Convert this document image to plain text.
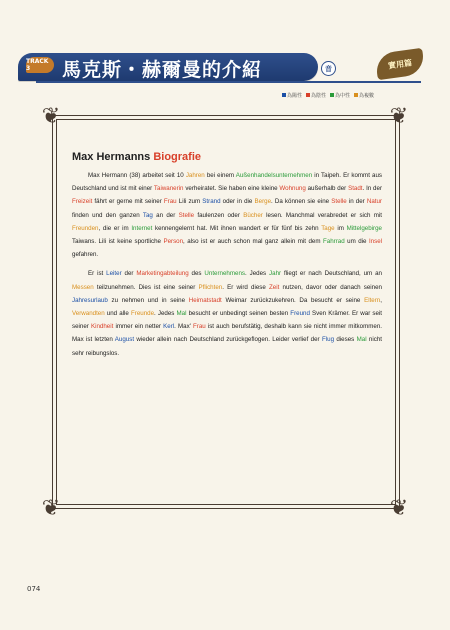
TRACK 3	馬克斯・赫爾曼的介紹	音	實用篇
為陽性 為陰性 為中性 為複數
❦	❦
❦	❦
Max Hermanns Biografie

Max Hermann (38) arbeitet seit 10 Jahren bei einem Außenhandelsunternehmen in Taipeh. Er kommt aus Deutschland und ist mit einer Taiwanerin verheiratet. Sie haben eine kleine Wohnung außerhalb der Stadt. In der Freizeit fährt er gerne mit seiner Frau Lili zum Strand oder in die Berge. Da können sie eine Stelle in der Natur finden und den ganzen Tag an der Stelle faulenzen oder Bücher lesen. Manchmal verabredet er sich mit Freunden, die er im Internet kennengelernt hat. Mit ihnen wandert er für fünf bis zehn Tage im Mittelgebirge Taiwans. Lili ist keine sportliche Person, also ist er auch schon mal ganz allein mit dem Fahrrad um die Insel gefahren.

Er ist Leiter der Marketingabteilung des Unternehmens. Jedes Jahr fliegt er nach Deutschland, um an Messen teilzunehmen. Dies ist eine seiner Pflichten. Er wird diese Zeit nutzen, davor oder danach seinen Jahresurlaub zu nehmen und in seine Heimatstadt Weimar zurückzukehren. Da besucht er seine Eltern, Verwandten und alle Freunde. Jedes Mal besucht er unbedingt seinen besten Freund Sven Krämer. Er war seit seiner Kindheit immer ein netter Kerl. Max' Frau ist auch berufstätig, deshalb kann sie nicht immer mitkommen. Max ist letzten August wieder allein nach Deutschland zurückgeflogen. Leider verlief der Flug dieses Mal nicht sehr reibungslos.

074
